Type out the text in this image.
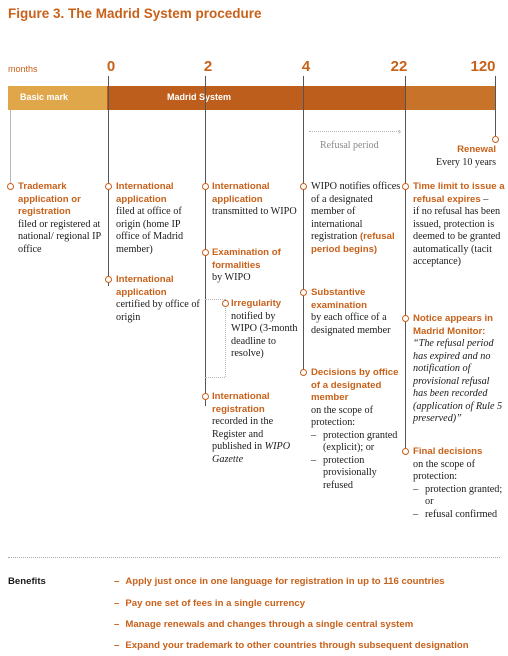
Figure 3. The Madrid System procedure
months	0	2	4	22	120
Basic mark	Madrid System
›
Refusal period	Renewal
Every 10 years
Trademark application or registration
filed or registered at national/ regional IP office
International application
filed at office of origin (home IP office of Madrid member)
International application
certified by office of origin
International application
transmitted to WIPO
Examination of formalities
by WIPO
Irregularity
notified by WIPO (3-month deadline to resolve)
International registration
recorded in the Register and published in WIPO Gazette
WIPO notifies offices of a designated member of international registration (refusal period begins)
Substantive examination
by each office of a designated member
Decisions by office of a designated member
on the scope of protection:
– protection granted (explicit); or
– protection provisionally refused
Time limit to issue a refusal expires –
if no refusal has been issued, protection is deemed to be granted automatically (tacit acceptance)
Notice appears in Madrid Monitor:
“The refusal period has expired and no notification of provisional refusal has been recorded (application of Rule 5 preserved)”
Final decisions
on the scope of protection:
– protection granted; or
– refusal confirmed
Benefits	– Apply just once in one language for registration in up to 116 countries
– Pay one set of fees in a single currency
– Manage renewals and changes through a single central system
– Expand your trademark to other countries through subsequent designation
